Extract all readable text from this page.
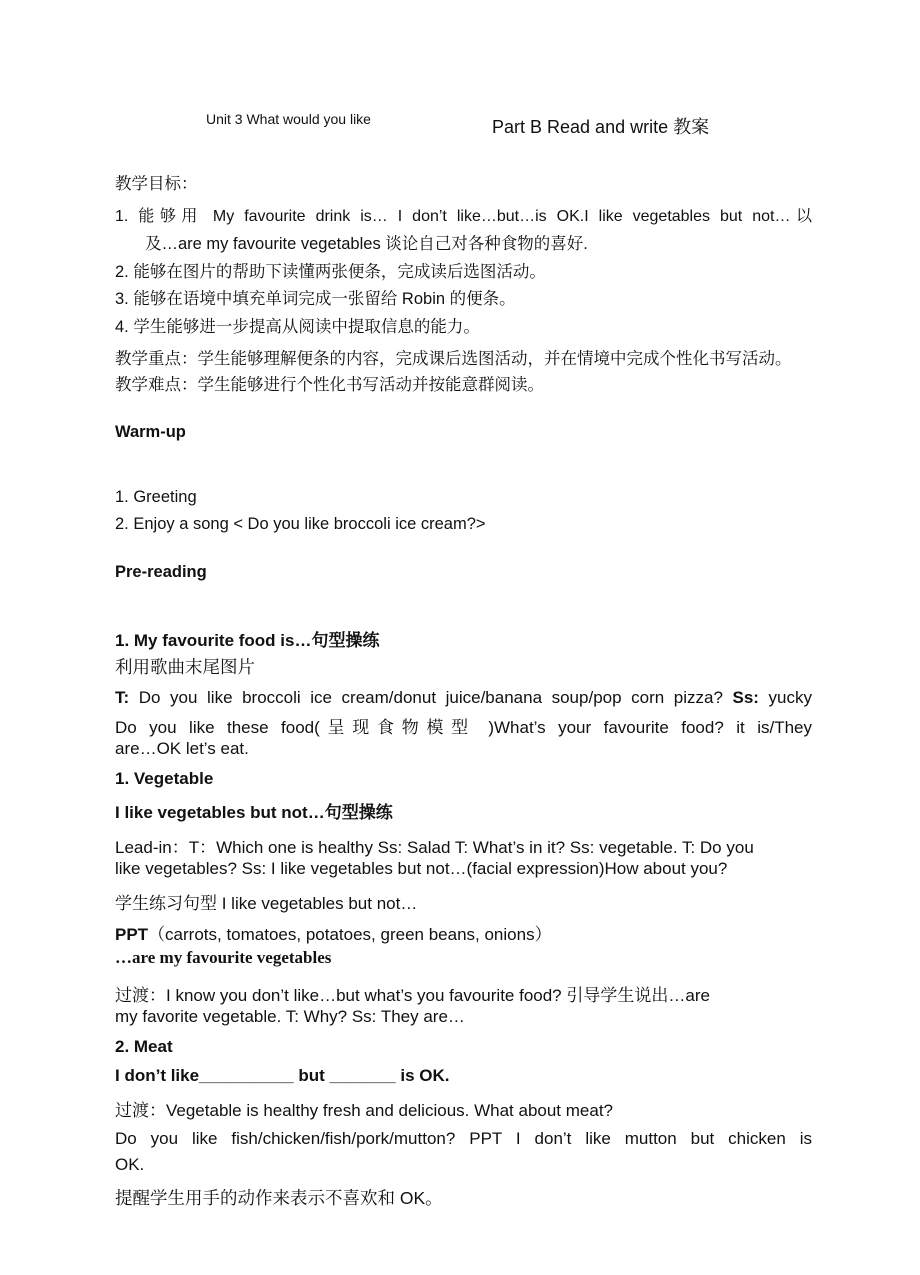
Unit 3 What would you like	Part B Read and write 教案
教学目标：
1. 能够用 My favourite drink is… I don’t like…but…is OK.I like vegetables but not…以
及…are my favourite vegetables 谈论自己对各种食物的喜好.
2. 能够在图片的帮助下读懂两张便条，完成读后选图活动。
3. 能够在语境中填充单词完成一张留给 Robin 的便条。
4. 学生能够进一步提高从阅读中提取信息的能力。
教学重点：学生能够理解便条的内容，完成课后选图活动，并在情境中完成个性化书写活动。
教学难点：学生能够进行个性化书写活动并按能意群阅读。
Warm-up
1. Greeting
2. Enjoy a song < Do you like broccoli ice cream?>
Pre-reading
1. My favourite food is…句型操练
利用歌曲末尾图片
T: Do you like broccoli ice cream/donut juice/banana soup/pop corn pizza? Ss: yucky
Do you like these food(呈现食物模型 )What’s your favourite food? it is/They
are…OK let’s eat.
1. Vegetable
I like vegetables but not…句型操练
Lead-in：T：Which one is healthy Ss: Salad T: What’s in it? Ss: vegetable. T: Do you
like vegetables? Ss: I like vegetables but not…(facial expression)How about you?
学生练习句型 I like vegetables but not…
PPT（carrots, tomatoes, potatoes, green beans, onions）
…are my favourite vegetables
过渡：I know you don’t like…but what’s you favourite food? 引导学生说出…are
my favorite vegetable. T: Why? Ss: They are…
2. Meat
I don’t like__________ but _______ is OK.
过渡：Vegetable is healthy fresh and delicious. What about meat?
Do you like fish/chicken/fish/pork/mutton? PPT I don’t like mutton but chicken is
OK.
提醒学生用手的动作来表示不喜欢和 OK。
